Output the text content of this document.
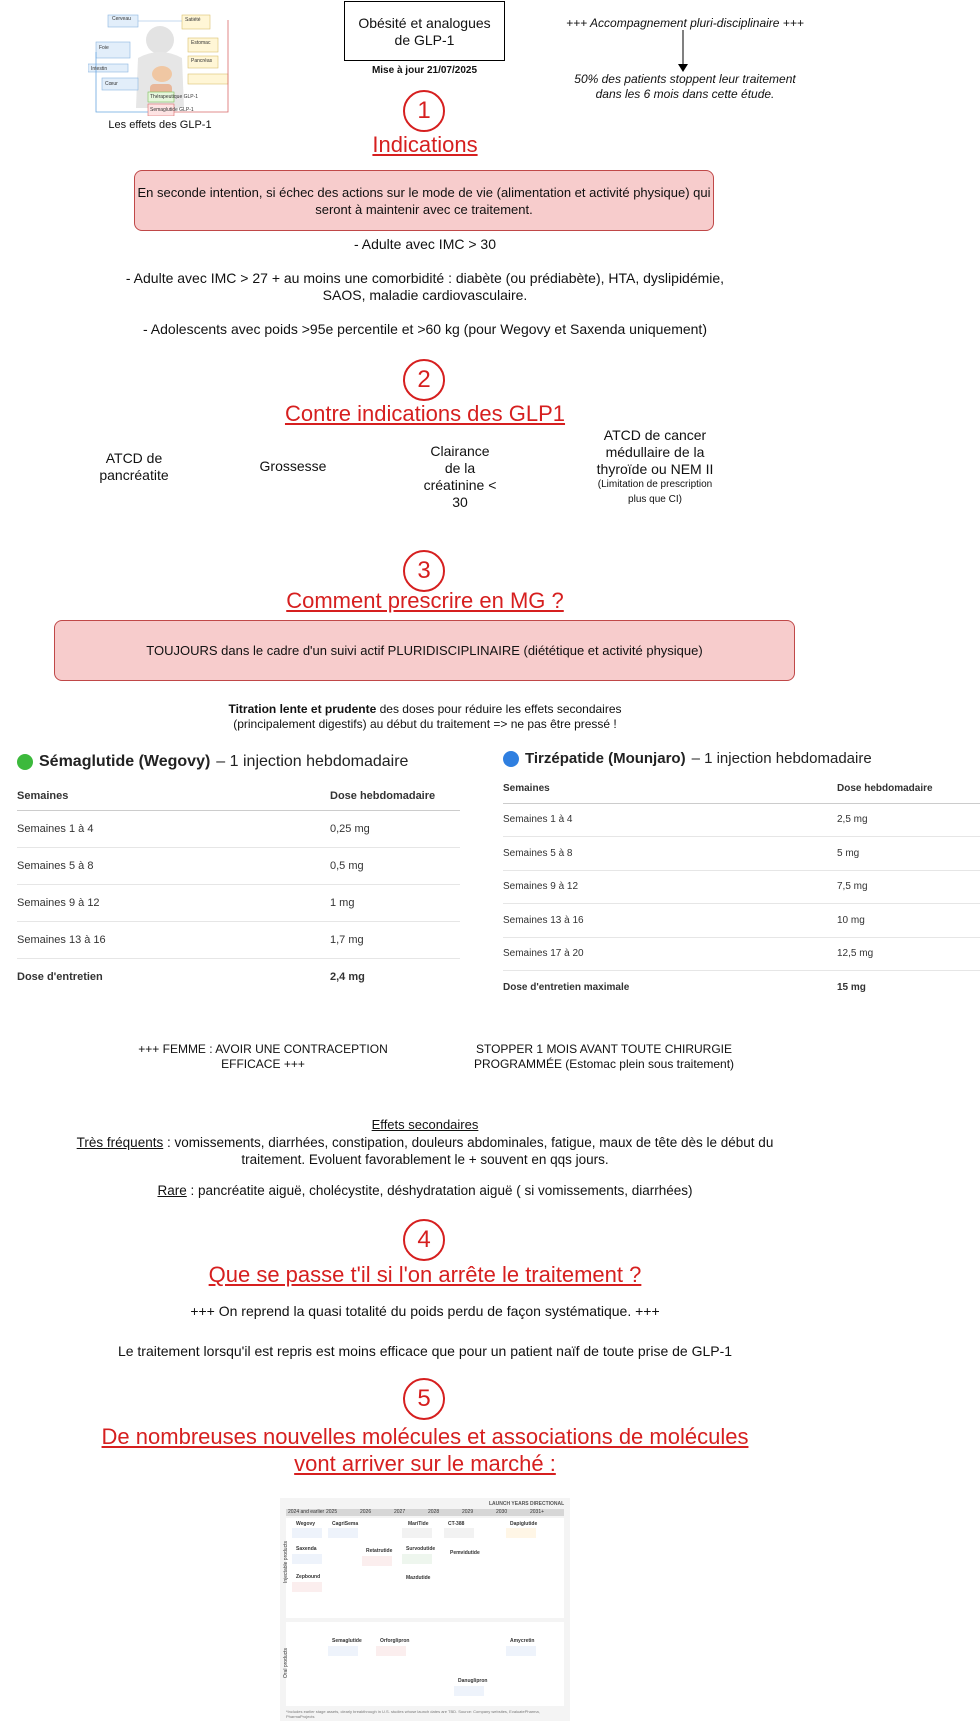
Cerveau	Satiété
Estomac
Pancréas
Foie
Intestin
Cœur
Thérapeutique GLP-1
Semaglutide GLP-1
Les effets des GLP-1
Obésité et analogues
de GLP-1
Mise à jour 21/07/2025
+++ Accompagnement pluri-disciplinaire +++
50% des patients stoppent leur traitement
dans les 6 mois dans cette étude.
1
Indications
En seconde intention, si échec des actions sur le mode de vie (alimentation et activité physique) qui seront à maintenir avec ce traitement.
- Adulte avec IMC > 30
- Adulte avec IMC > 27 + au moins une comorbidité : diabète (ou prédiabète), HTA, dyslipidémie, SAOS, maladie cardiovasculaire.
- Adolescents avec poids >95e percentile et >60 kg (pour Wegovy et Saxenda uniquement)
2
Contre indications des GLP1
ATCD de pancréatite
Grossesse
Clairance de la créatinine < 30
ATCD de cancer médullaire de la thyroïde ou NEM II
(Limitation de prescription plus que CI)
3
Comment prescrire en MG ?
TOUJOURS dans le cadre d'un suivi actif PLURIDISCIPLINAIRE (diététique et activité physique)
Titration lente et prudente des doses pour réduire les effets secondaires
(principalement digestifs) au début du traitement => ne pas être pressé !
Sémaglutide (Wegovy) – 1 injection hebdomadaire
Semaines	Dose hebdomadaire
Semaines 1 à 4	0,25 mg
Semaines 5 à 8	0,5 mg
Semaines 9 à 12	1 mg
Semaines 13 à 16	1,7 mg
Dose d'entretien	2,4 mg
Tirzépatide (Mounjaro) – 1 injection hebdomadaire
Semaines	Dose hebdomadaire
Semaines 1 à 4	2,5 mg
Semaines 5 à 8	5 mg
Semaines 9 à 12	7,5 mg
Semaines 13 à 16	10 mg
Semaines 17 à 20	12,5 mg
Dose d'entretien maximale	15 mg
+++ FEMME : AVOIR UNE CONTRACEPTION
EFFICACE +++
STOPPER 1 MOIS AVANT TOUTE CHIRURGIE
PROGRAMMÉE (Estomac plein sous traitement)
Effets secondaires
Très fréquents : vomissements, diarrhées, constipation, douleurs abdominales, fatigue, maux de tête dès le début du
traitement. Evoluent favorablement le + souvent en qqs jours.
Rare : pancréatite aiguë, cholécystite, déshydratation aiguë ( si vomissements, diarrhées)
4
Que se passe t'il si l'on arrête le traitement ?
+++ On reprend la quasi totalité du poids perdu de façon systématique. +++
Le traitement lorsqu'il est repris est moins efficace que pour un patient naïf de toute prise de GLP-1
5
De nombreuses nouvelles molécules et associations de molécules
vont arriver sur le marché :
LAUNCH YEARS DIRECTIONAL
2024 and earlier 2025	2026	2027	2028	2029	2030	2031+
Injectable products
Oral products
Wegovy	CagriSema	MariTide	CT-388
Survodutide
Retatrutide
Zepbound
Saxenda
Pemvidutide
Dapiglutide
Mazdutide
Semaglutide	Orforglipron	Amycretin
Danuglipron
*Includes earlier stage assets, clearly breakthrough in U.S. studies whose launch dates are TBD. Source: Company websites, EvaluatePharma, PharmaProjects
